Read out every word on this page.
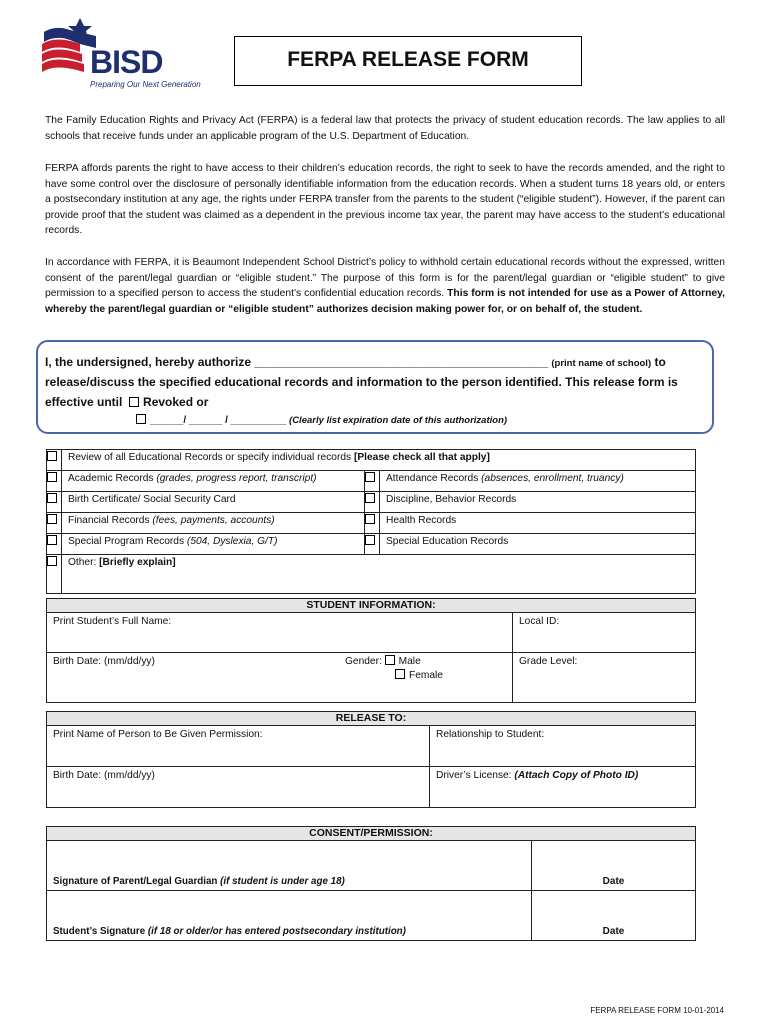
BISD
Preparing Our Next Generation
FERPA RELEASE FORM
The Family Education Rights and Privacy Act (FERPA) is a federal law that protects the privacy of student education records. The law applies to all schools that receive funds under an applicable program of the U.S. Department of Education.
FERPA affords parents the right to have access to their children’s education records, the right to seek to have the records amended, and the right to have some control over the disclosure of personally identifiable information from the education records. When a student turns 18 years old, or enters a postsecondary institution at any age, the rights under FERPA transfer from the parents to the student (“eligible student”). However, if the parent can provide proof that the student was claimed as a dependent in the previous income tax year, the parent may have access to the student’s educational records.
In accordance with FERPA, it is Beaumont Independent School District’s policy to withhold certain educational records without the expressed, written consent of the parent/legal guardian or “eligible student.” The purpose of this form is for the parent/legal guardian or “eligible student” to give permission to a specified person to access the student’s confidential education records. This form is not intended for use as a Power of Attorney, whereby the parent/legal guardian or “eligible student” authorizes decision making power for, or on behalf of, the student.
I, the undersigned, hereby authorize ____________________________________________ (print name of school) to
release/discuss the specified educational records and information to the person identified. This release form is
effective until Revoked or
______/ ______ / __________ (Clearly list expiration date of this authorization)
	Review of all Educational Records or specify individual records [Please check all that apply]		
	Academic Records (grades, progress report, transcript)		Attendance Records (absences, enrollment, truancy)
	Birth Certificate/ Social Security Card		Discipline, Behavior Records
	Financial Records (fees, payments, accounts)		Health Records
	Special Program Records (504, Dyslexia, G/T)		Special Education Records
	Other: [Briefly explain]		
STUDENT INFORMATION:		
Print Student’s Full Name:		Local ID:
Birth Date: (mm/dd/yy)	Gender: Male
Female	Grade Level:
RELEASE TO:	
Print Name of Person to Be Given Permission:	Relationship to Student:
Birth Date: (mm/dd/yy)	Driver’s License: (Attach Copy of Photo ID)
CONSENT/PERMISSION:	
Signature of Parent/Legal Guardian (if student is under age 18)	Date
Student’s Signature (if 18 or older/or has entered postsecondary institution)	Date
FERPA RELEASE FORM 10-01-2014
